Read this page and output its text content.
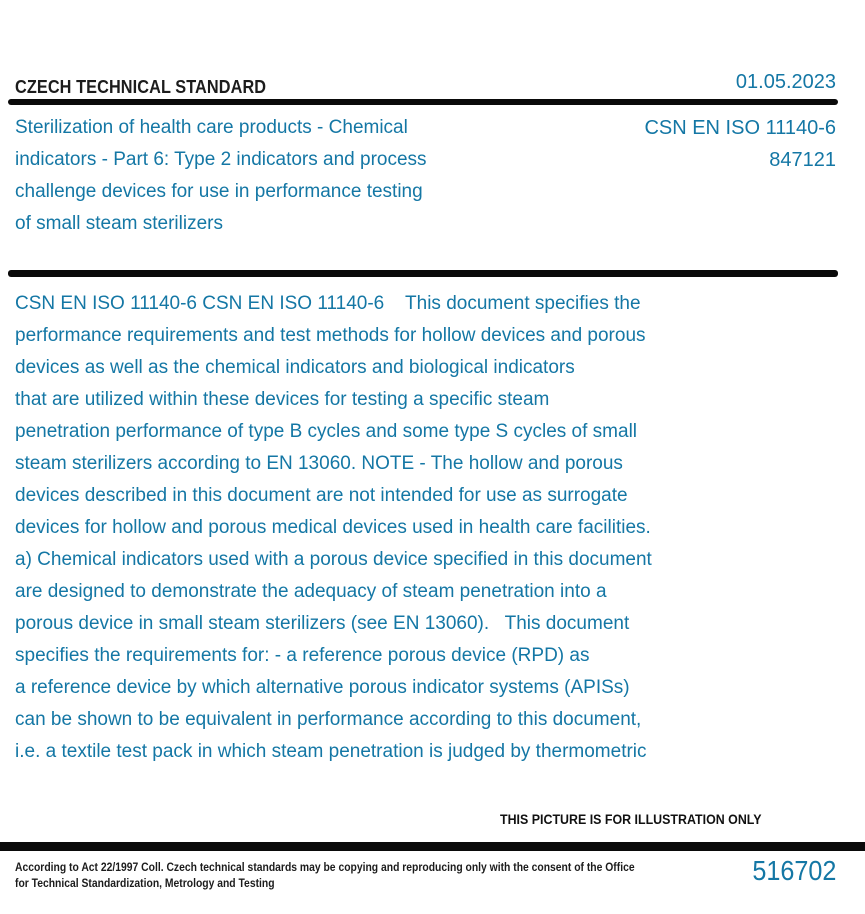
CZECH TECHNICAL STANDARD	01.05.2023
Sterilization of health care products - Chemical
indicators - Part 6: Type 2 indicators and process
challenge devices for use in performance testing
of small steam sterilizers
CSN EN ISO 11140-6
847121
CSN EN ISO 11140-6 CSN EN ISO 11140-6    This document specifies the
performance requirements and test methods for hollow devices and porous
devices as well as the chemical indicators and biological indicators
that are utilized within these devices for testing a specific steam
penetration performance of type B cycles and some type S cycles of small
steam sterilizers according to EN 13060. NOTE - The hollow and porous
devices described in this document are not intended for use as surrogate
devices for hollow and porous medical devices used in health care facilities.
a) Chemical indicators used with a porous device specified in this document
are designed to demonstrate the adequacy of steam penetration into a
porous device in small steam sterilizers (see EN 13060).   This document
specifies the requirements for: - a reference porous device (RPD) as
a reference device by which alternative porous indicator systems (APISs)
can be shown to be equivalent in performance according to this document,
i.e. a textile test pack in which steam penetration is judged by thermometric
THIS PICTURE IS FOR ILLUSTRATION ONLY
According to Act 22/1997 Coll. Czech technical standards may be copying and reproducing only with the consent of the Office
for Technical Standardization, Metrology and Testing	516702
